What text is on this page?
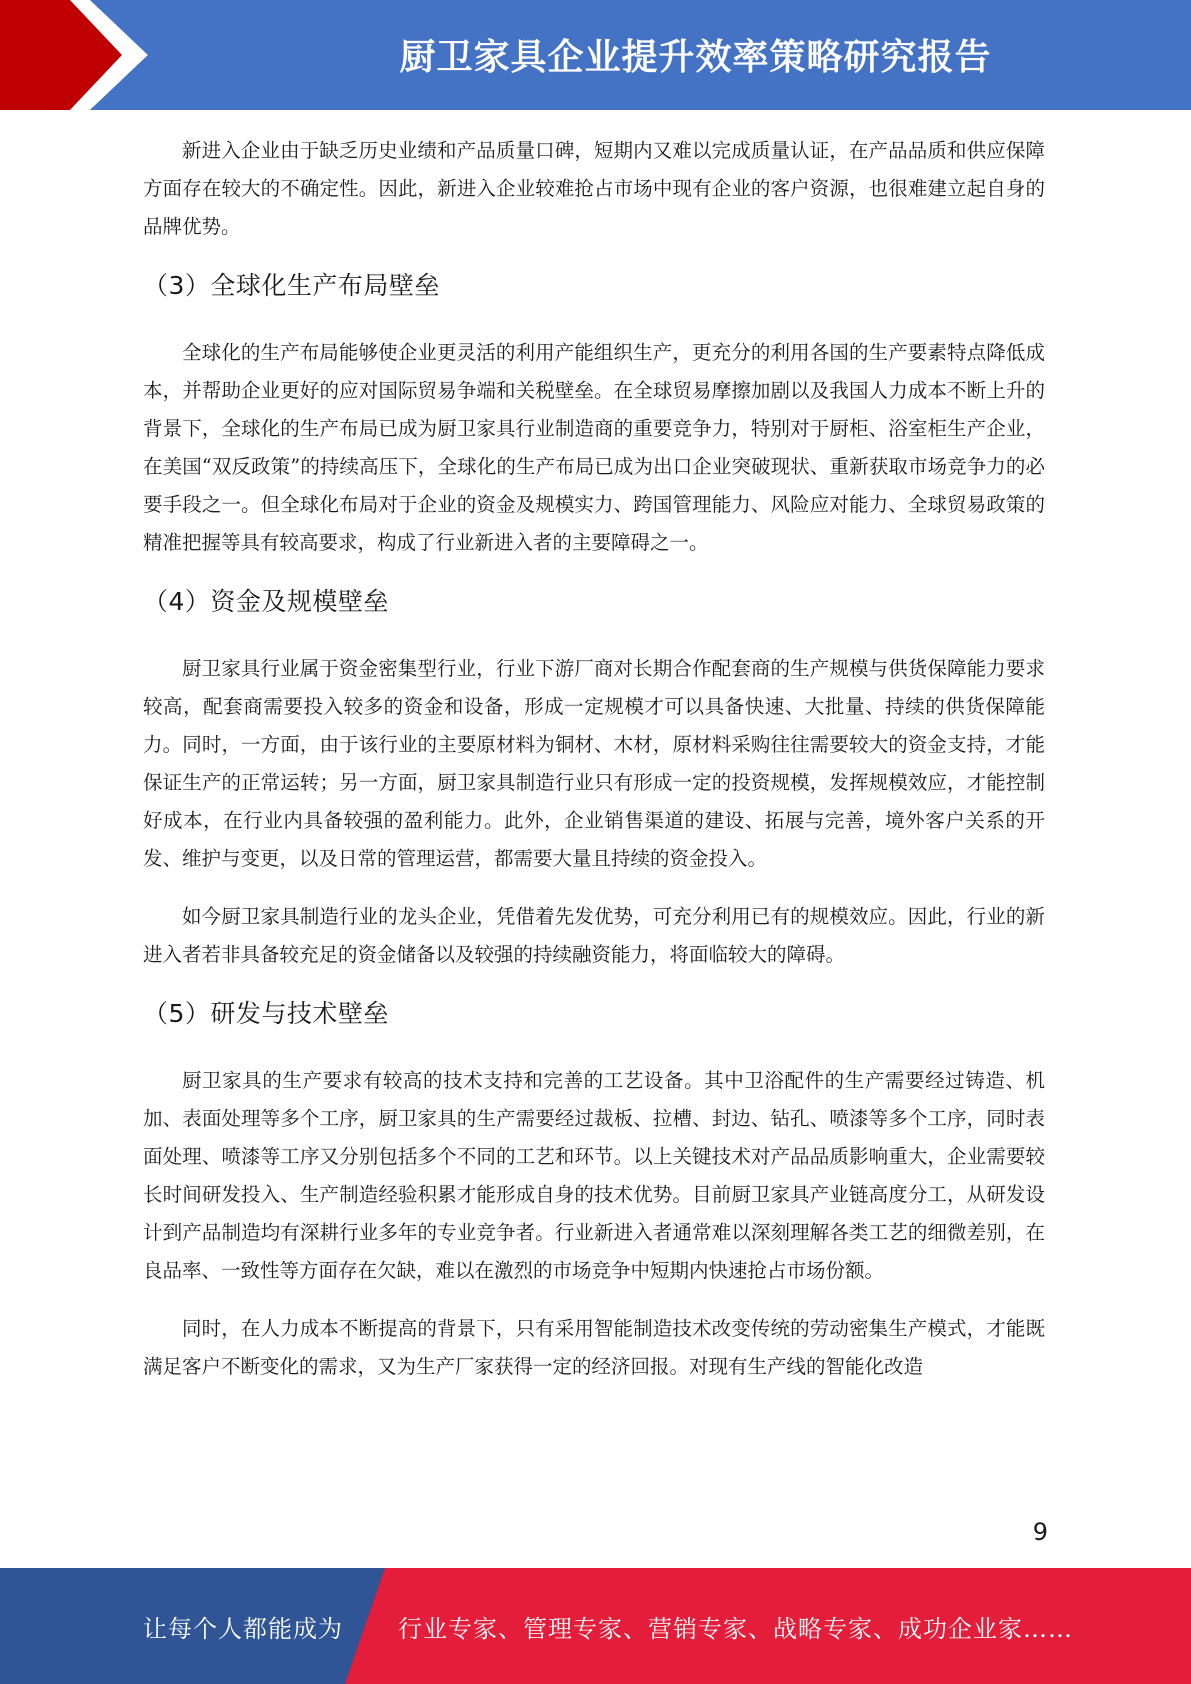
厨卫家具企业提升效率策略研究报告

新进入企业由于缺乏历史业绩和产品质量口碑，短期内又难以完成质量认证，在产品品质和供应保障方面存在较大的不确定性。因此，新进入企业较难抢占市场中现有企业的客户资源，也很难建立起自身的品牌优势。

（3）全球化生产布局壁垒

全球化的生产布局能够使企业更灵活的利用产能组织生产，更充分的利用各国的生产要素特点降低成本，并帮助企业更好的应对国际贸易争端和关税壁垒。在全球贸易摩擦加剧以及我国人力成本不断上升的背景下，全球化的生产布局已成为厨卫家具行业制造商的重要竞争力，特别对于厨柜、浴室柜生产企业，在美国“双反政策”的持续高压下，全球化的生产布局已成为出口企业突破现状、重新获取市场竞争力的必要手段之一。但全球化布局对于企业的资金及规模实力、跨国管理能力、风险应对能力、全球贸易政策的精准把握等具有较高要求，构成了行业新进入者的主要障碍之一。

（4）资金及规模壁垒

厨卫家具行业属于资金密集型行业，行业下游厂商对长期合作配套商的生产规模与供货保障能力要求较高，配套商需要投入较多的资金和设备，形成一定规模才可以具备快速、大批量、持续的供货保障能力。同时，一方面，由于该行业的主要原材料为铜材、木材，原材料采购往往需要较大的资金支持，才能保证生产的正常运转；另一方面，厨卫家具制造行业只有形成一定的投资规模，发挥规模效应，才能控制好成本，在行业内具备较强的盈利能力。此外，企业销售渠道的建设、拓展与完善，境外客户关系的开发、维护与变更，以及日常的管理运营，都需要大量且持续的资金投入。

如今厨卫家具制造行业的龙头企业，凭借着先发优势，可充分利用已有的规模效应。因此，行业的新进入者若非具备较充足的资金储备以及较强的持续融资能力，将面临较大的障碍。

（5）研发与技术壁垒

厨卫家具的生产要求有较高的技术支持和完善的工艺设备。其中卫浴配件的生产需要经过铸造、机加、表面处理等多个工序，厨卫家具的生产需要经过裁板、拉槽、封边、钻孔、喷漆等多个工序，同时表面处理、喷漆等工序又分别包括多个不同的工艺和环节。以上关键技术对产品品质影响重大，企业需要较长时间研发投入、生产制造经验积累才能形成自身的技术优势。目前厨卫家具产业链高度分工，从研发设计到产品制造均有深耕行业多年的专业竞争者。行业新进入者通常难以深刻理解各类工艺的细微差别，在良品率、一致性等方面存在欠缺，难以在激烈的市场竞争中短期内快速抢占市场份额。

同时，在人力成本不断提高的背景下，只有采用智能制造技术改变传统的劳动密集生产模式，才能既满足客户不断变化的需求，又为生产厂家获得一定的经济回报。对现有生产线的智能化改造

9
让每个人都能成为 行业专家、管理专家、营销专家、战略专家、成功企业家……
